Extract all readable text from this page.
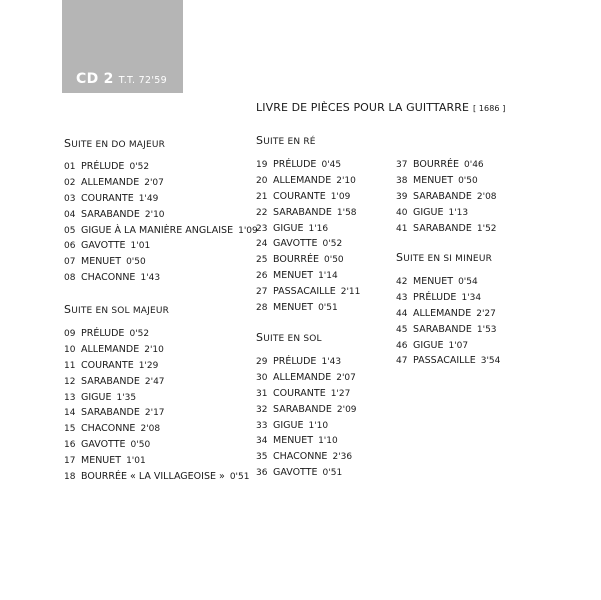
CD 2 T.T. 72'59
LIVRE DE PIÈCES POUR LA GUITTARRE [ 1686 ]
SUITE EN DO MAJEUR
01 PRÉLUDE 0'52
02 ALLEMANDE 2'07
03 COURANTE 1'49
04 SARABANDE 2'10
05 GIGUE À LA MANIÈRE ANGLAISE 1'09
06 GAVOTTE 1'01
07 MENUET 0'50
08 CHACONNE 1'43
SUITE EN SOL MAJEUR
09 PRÉLUDE 0'52
10 ALLEMANDE 2'10
11 COURANTE 1'29
12 SARABANDE 2'47
13 GIGUE 1'35
14 SARABANDE 2'17
15 CHACONNE 2'08
16 GAVOTTE 0'50
17 MENUET 1'01
18 BOURRÉE « LA VILLAGEOISE » 0'51
SUITE EN RÉ
19 PRÉLUDE 0'45
20 ALLEMANDE 2'10
21 COURANTE 1'09
22 SARABANDE 1'58
23 GIGUE 1'16
24 GAVOTTE 0'52
25 BOURRÉE 0'50
26 MENUET 1'14
27 PASSACAILLE 2'11
28 MENUET 0'51
SUITE EN SOL
29 PRÉLUDE 1'43
30 ALLEMANDE 2'07
31 COURANTE 1'27
32 SARABANDE 2'09
33 GIGUE 1'10
34 MENUET 1'10
35 CHACONNE 2'36
36 GAVOTTE 0'51
37 BOURRÉE 0'46
38 MENUET 0'50
39 SARABANDE 2'08
40 GIGUE 1'13
41 SARABANDE 1'52
SUITE EN SI MINEUR
42 MENUET 0'54
43 PRÉLUDE 1'34
44 ALLEMANDE 2'27
45 SARABANDE 1'53
46 GIGUE 1'07
47 PASSACAILLE 3'54
